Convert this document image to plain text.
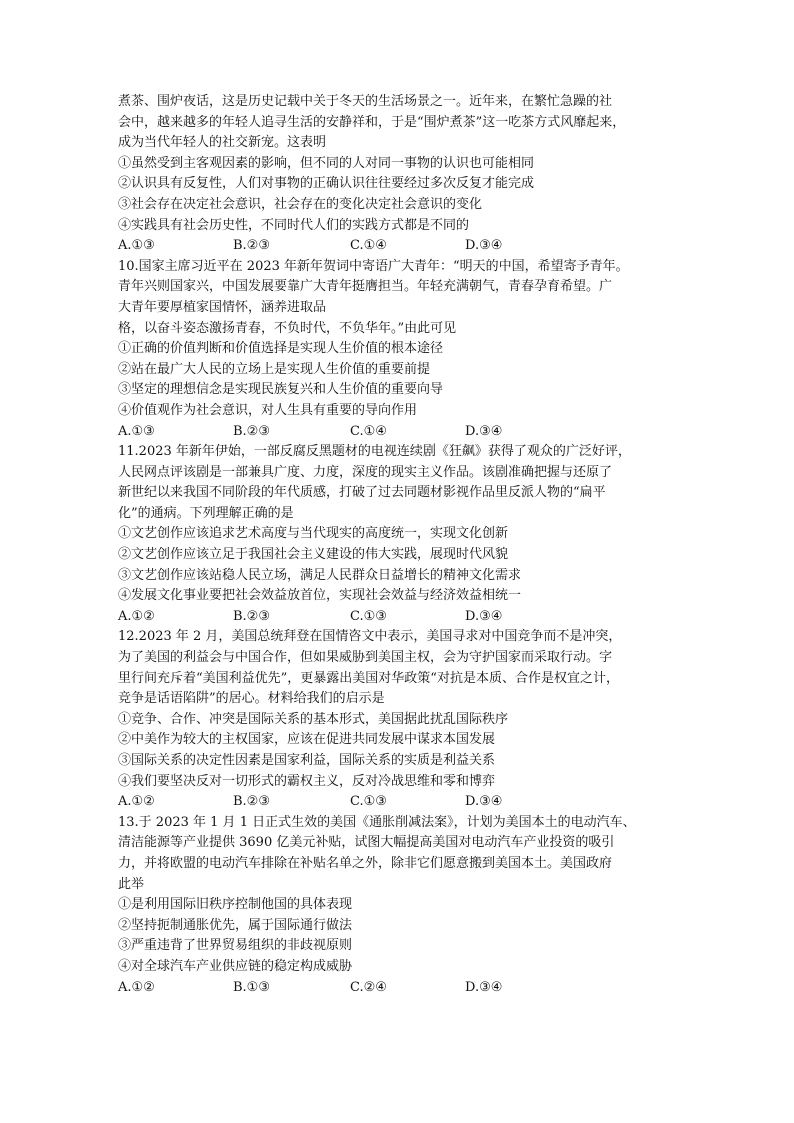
煮茶、围炉夜话，这是历史记载中关于冬天的生活场景之一。近年来，在繁忙急躁的社
会中，越来越多的年轻人追寻生活的安静祥和，于是“围炉煮茶”这一吃茶方式风靡起来，
成为当代年轻人的社交新宠。这表明
①虽然受到主客观因素的影响，但不同的人对同一事物的认识也可能相同
②认识具有反复性，人们对事物的正确认识往往要经过多次反复才能完成
③社会存在决定社会意识，社会存在的变化决定社会意识的变化
④实践具有社会历史性，不同时代人们的实践方式都是不同的
A.①③	B.②③	C.①④	D.③④
10.国家主席习近平在 2023 年新年贺词中寄语广大青年：“明天的中国，希望寄予青年。
青年兴则国家兴，中国发展要靠广大青年挺膺担当。年轻充满朝气，青春孕育希望。广
大青年要厚植家国情怀，涵养进取品
格，以奋斗姿态激扬青春，不负时代，不负华年。”由此可见
①正确的价值判断和价值选择是实现人生价值的根本途径
②站在最广大人民的立场上是实现人生价值的重要前提
③坚定的理想信念是实现民族复兴和人生价值的重要向导
④价值观作为社会意识，对人生具有重要的导向作用
A.①③	B.②③	C.①④	D.③④
11.2023 年新年伊始，一部反腐反黑题材的电视连续剧《狂飙》获得了观众的广泛好评，
人民网点评该剧是一部兼具广度、力度，深度的现实主义作品。该剧准确把握与还原了
新世纪以来我国不同阶段的年代质感，打破了过去同题材影视作品里反派人物的“扁平
化”的通病。下列理解正确的是
①文艺创作应该追求艺术高度与当代现实的高度统一，实现文化创新
②文艺创作应该立足于我国社会主义建设的伟大实践，展现时代风貌
③文艺创作应该站稳人民立场，满足人民群众日益增长的精神文化需求
④发展文化事业要把社会效益放首位，实现社会效益与经济效益相统一
A.①②	B.②③	C.①③	D.③④
12.2023 年 2 月，美国总统拜登在国情咨文中表示，美国寻求对中国竞争而不是冲突，
为了美国的利益会与中国合作，但如果威胁到美国主权，会为守护国家而采取行动。字
里行间充斥着“美国利益优先”，更暴露出美国对华政策“对抗是本质、合作是权宜之计，
竞争是话语陷阱”的居心。材料给我们的启示是
①竞争、合作、冲突是国际关系的基本形式，美国据此扰乱国际秩序
②中美作为较大的主权国家，应该在促进共同发展中谋求本国发展
③国际关系的决定性因素是国家利益，国际关系的实质是利益关系
④我们要坚决反对一切形式的霸权主义，反对冷战思维和零和博弈
A.①②	B.②③	C.①③	D.③④
13.于 2023 年 1 月 1 日正式生效的美国《通胀削减法案》，计划为美国本土的电动汽车、
清洁能源等产业提供 3690 亿美元补贴，试图大幅提高美国对电动汽车产业投资的吸引
力，并将欧盟的电动汽车排除在补贴名单之外，除非它们愿意搬到美国本土。美国政府
此举
①是利用国际旧秩序控制他国的具体表现
②坚持扼制通胀优先，属于国际通行做法
③严重违背了世界贸易组织的非歧视原则
④对全球汽车产业供应链的稳定构成威胁
A.①②	B.①③	C.②④	D.③④
